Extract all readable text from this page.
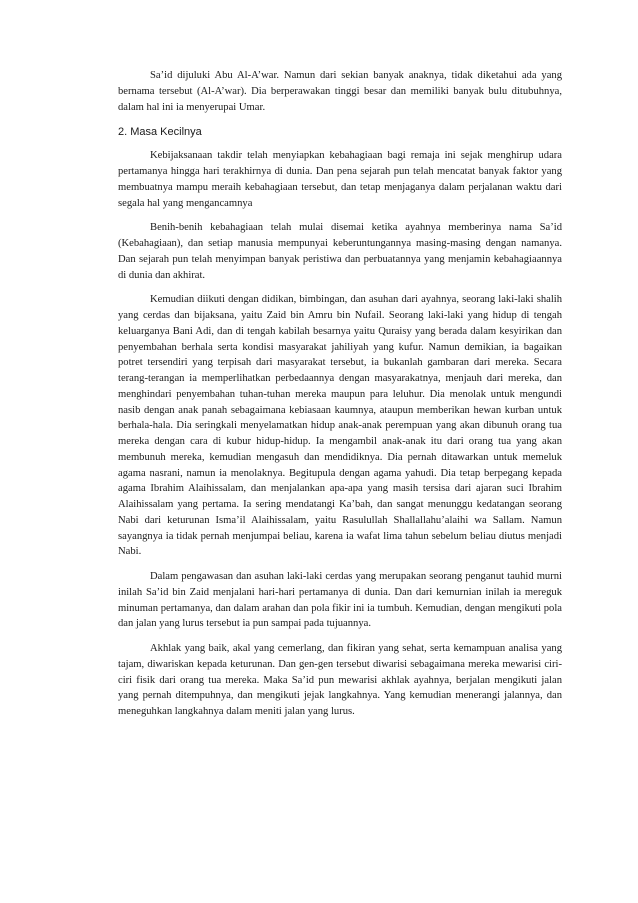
Sa’id dijuluki Abu Al-A’war. Namun dari sekian banyak anaknya, tidak diketahui ada yang bernama tersebut (Al-A’war). Dia berperawakan tinggi besar dan memiliki banyak bulu ditubuhnya, dalam hal ini ia menyerupai Umar.

2. Masa Kecilnya

Kebijaksanaan takdir telah menyiapkan kebahagiaan bagi remaja ini sejak menghirup udara pertamanya hingga hari terakhirnya di dunia. Dan pena sejarah pun telah mencatat banyak faktor yang membuatnya mampu meraih kebahagiaan tersebut, dan tetap menjaganya dalam perjalanan waktu dari segala hal yang mengancamnya

Benih-benih kebahagiaan telah mulai disemai ketika ayahnya memberinya nama Sa’id (Kebahagiaan), dan setiap manusia mempunyai keberuntungannya masing-masing dengan namanya. Dan sejarah pun telah menyimpan banyak peristiwa dan perbuatannya yang menjamin kebahagiaannya di dunia dan akhirat.

Kemudian diikuti dengan didikan, bimbingan, dan asuhan dari ayahnya, seorang laki-laki shalih yang cerdas dan bijaksana, yaitu Zaid bin Amru bin Nufail. Seorang laki-laki yang hidup di tengah keluarganya Bani Adi, dan di tengah kabilah besarnya yaitu Quraisy yang berada dalam kesyirikan dan penyembahan berhala serta kondisi masyarakat jahiliyah yang kufur. Namun demikian, ia bagaikan potret tersendiri yang terpisah dari masyarakat tersebut, ia bukanlah gambaran dari mereka. Secara terang-terangan ia memperlihatkan perbedaannya dengan masyarakatnya, menjauh dari mereka, dan menghindari penyembahan tuhan-tuhan mereka maupun para leluhur. Dia menolak untuk mengundi nasib dengan anak panah sebagaimana kebiasaan kaumnya, ataupun memberikan hewan kurban untuk berhala-hala. Dia seringkali menyelamatkan hidup anak-anak perempuan yang akan dibunuh orang tua mereka dengan cara di kubur hidup-hidup. Ia mengambil anak-anak itu dari orang tua yang akan membunuh mereka, kemudian mengasuh dan mendidiknya. Dia pernah ditawarkan untuk memeluk agama nasrani, namun ia menolaknya. Begitupula dengan agama yahudi. Dia tetap berpegang kepada agama Ibrahim Alaihissalam, dan menjalankan apa-apa yang masih tersisa dari ajaran suci Ibrahim Alaihissalam yang pertama. Ia sering mendatangi Ka’bah, dan sangat menunggu kedatangan seorang Nabi dari keturunan Isma’il Alaihissalam, yaitu Rasulullah Shallallahu’alaihi wa Sallam. Namun sayangnya ia tidak pernah menjumpai beliau, karena ia wafat lima tahun sebelum beliau diutus menjadi Nabi.

Dalam pengawasan dan asuhan laki-laki cerdas yang merupakan seorang penganut tauhid murni inilah Sa’id bin Zaid menjalani hari-hari pertamanya di dunia. Dan dari kemurnian inilah ia mereguk minuman pertamanya, dan dalam arahan dan pola fikir ini ia tumbuh. Kemudian, dengan mengikuti pola dan jalan yang lurus tersebut ia pun sampai pada tujuannya.

Akhlak yang baik, akal yang cemerlang, dan fikiran yang sehat, serta kemampuan analisa yang tajam, diwariskan kepada keturunan. Dan gen-gen tersebut diwarisi sebagaimana mereka mewarisi ciri-ciri fisik dari orang tua mereka. Maka Sa’id pun mewarisi akhlak ayahnya, berjalan mengikuti jalan yang pernah ditempuhnya, dan mengikuti jejak langkahnya. Yang kemudian menerangi jalannya, dan meneguhkan langkahnya dalam meniti jalan yang lurus.
